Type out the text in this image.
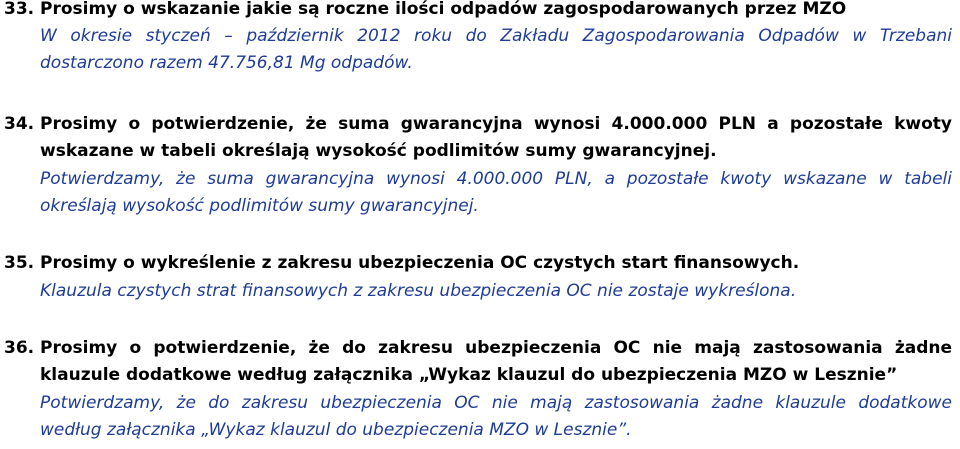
33. Prosimy o wskazanie jakie są roczne ilości odpadów zagospodarowanych przez MZO
W okresie styczeń – październik 2012 roku do Zakładu Zagospodarowania Odpadów w Trzebani
dostarczono razem 47.756,81 Mg odpadów.
34. Prosimy o potwierdzenie, że suma gwarancyjna wynosi 4.000.000 PLN a pozostałe kwoty
wskazane w tabeli określają wysokość podlimitów sumy gwarancyjnej.
Potwierdzamy, że suma gwarancyjna wynosi 4.000.000 PLN, a pozostałe kwoty wskazane w tabeli
określają wysokość podlimitów sumy gwarancyjnej.
35. Prosimy o wykreślenie z zakresu ubezpieczenia OC czystych start finansowych.
Klauzula czystych strat finansowych z zakresu ubezpieczenia OC nie zostaje wykreślona.
36. Prosimy o potwierdzenie, że do zakresu ubezpieczenia OC nie mają zastosowania żadne
klauzule dodatkowe według załącznika „Wykaz klauzul do ubezpieczenia MZO w Lesznie”
Potwierdzamy, że do zakresu ubezpieczenia OC nie mają zastosowania żadne klauzule dodatkowe
według załącznika „Wykaz klauzul do ubezpieczenia MZO w Lesznie”.
